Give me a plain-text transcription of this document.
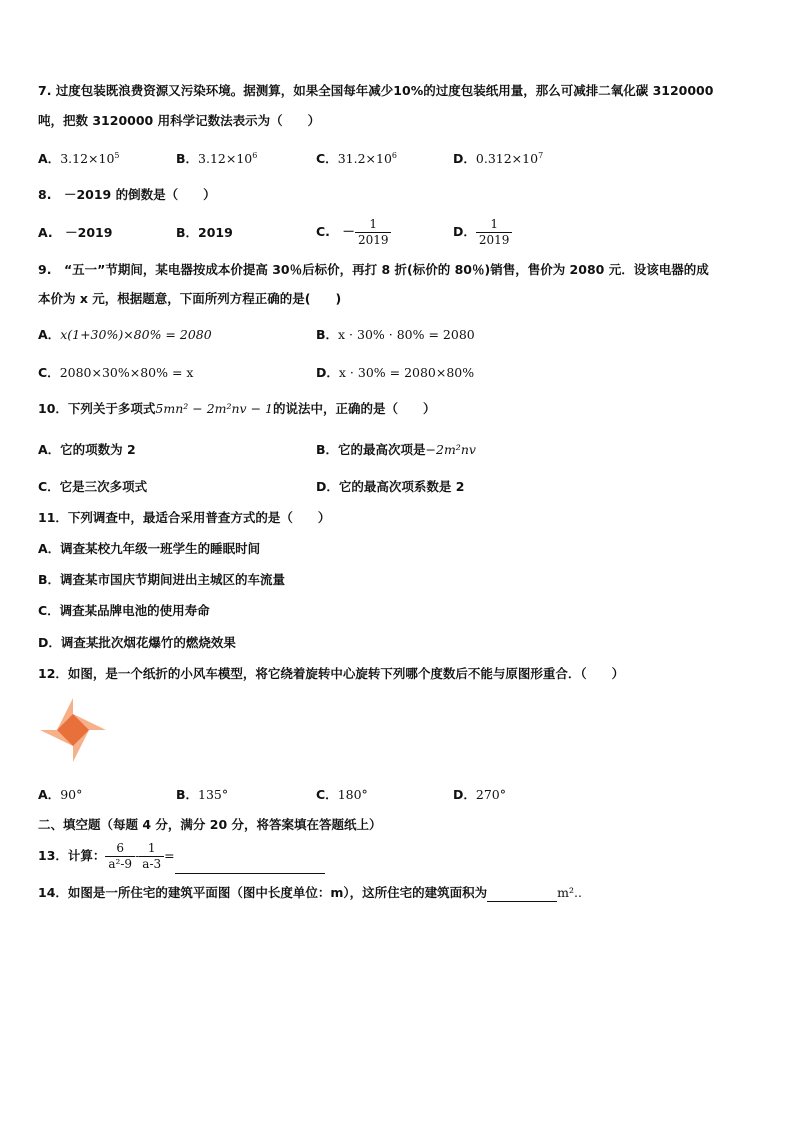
7. 过度包装既浪费资源又污染环境。据测算，如果全国每年减少10%的过度包装纸用量，那么可减排二氧化碳 3120000
吨，把数 3120000 用科学记数法表示为（　　）
A．$3.12\times 10^5$	B．$3.12\times 10^6$	C．$31.2\times 10^6$	D．$0.312\times 10^7$
8.　－2019 的倒数是（　　）
A.　－2019	B．2019	C.　－ $\frac{1}{2019}$	D． $\frac{1}{2019}$
9.　“五一”节期间，某电器按成本价提高 30％后标价，再打 8 折(标价的 80％)销售，售价为 2080 元．设该电器的成
本价为 x 元，根据题意，下面所列方程正确的是(　　)
A．x(1+30%)×80% = 2080	B．x · 30% · 80% = 2080
C．2080×30%×80% = x	D．x · 30% = 2080×80%
10．下列关于多项式5mn² − 2m²nv − 1的说法中，正确的是（　　）
A．它的项数为 2	B．它的最高次项是−2m²nv
C．它是三次多项式	D．它的最高次项系数是 2
11．下列调查中，最适合采用普查方式的是（　　）
A．调查某校九年级一班学生的睡眠时间
B．调查某市国庆节期间进出主城区的车流量
C．调查某品牌电池的使用寿命
D．调查某批次烟花爆竹的燃烧效果
12．如图，是一个纸折的小风车模型，将它绕着旋转中心旋转下列哪个度数后不能与原图形重合．（　　）
A．90°	B．135°	C．180°	D．270°
二、填空题（每题 4 分，满分 20 分，将答案填在答题纸上）
13．计算： $\frac{6}{\text{a²-9}} - \frac{1}{a-3}$ =
14．如图是一所住宅的建筑平面图（图中长度单位：m），这所住宅的建筑面积为	m²..
